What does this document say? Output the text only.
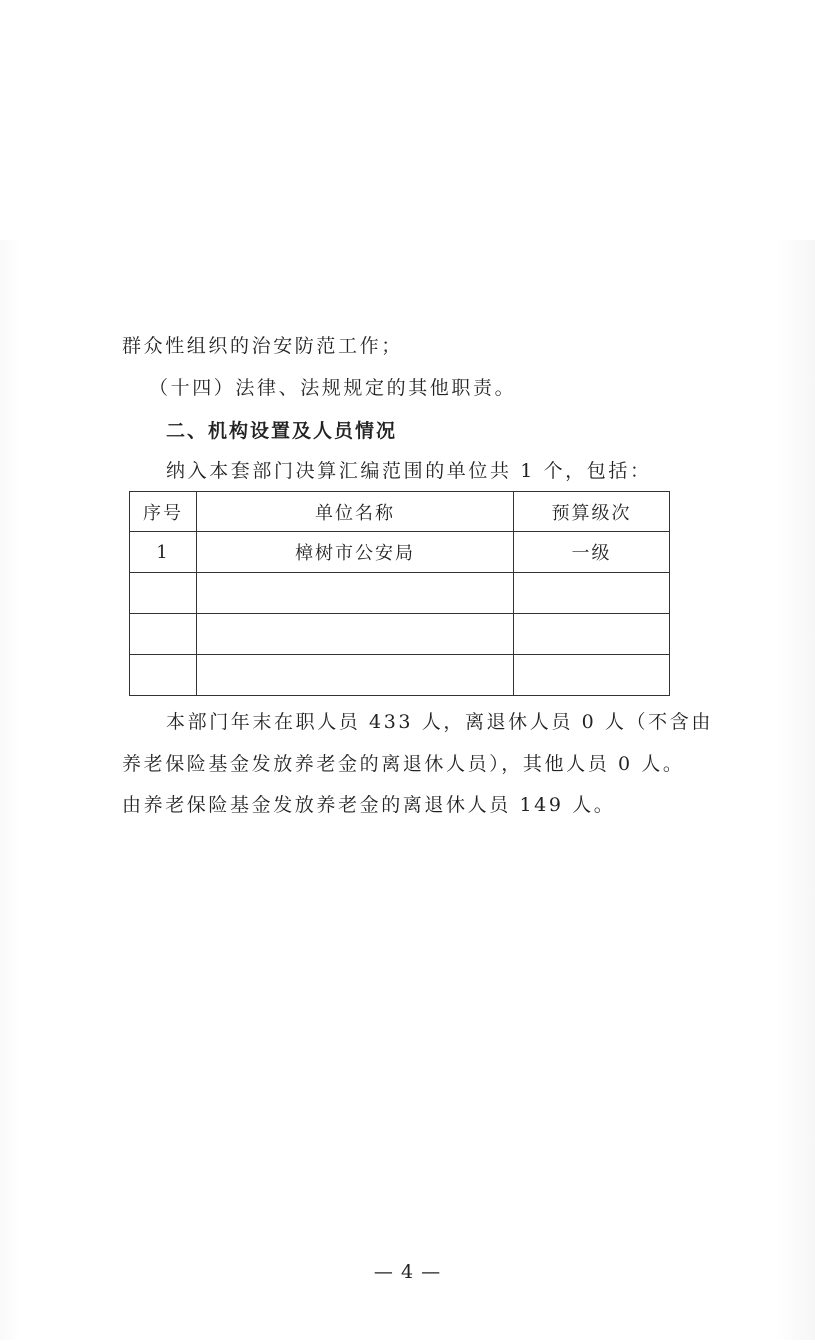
群众性组织的治安防范工作；
（十四）法律、法规规定的其他职责。
二、机构设置及人员情况
纳入本套部门决算汇编范围的单位共 1 个，包括：
序号	单位名称	预算级次
1	樟树市公安局	一级

本部门年末在职人员 433 人，离退休人员 0 人（不含由
养老保险基金发放养老金的离退休人员），其他人员 0 人。
由养老保险基金发放养老金的离退休人员 149 人。
— 4 —
